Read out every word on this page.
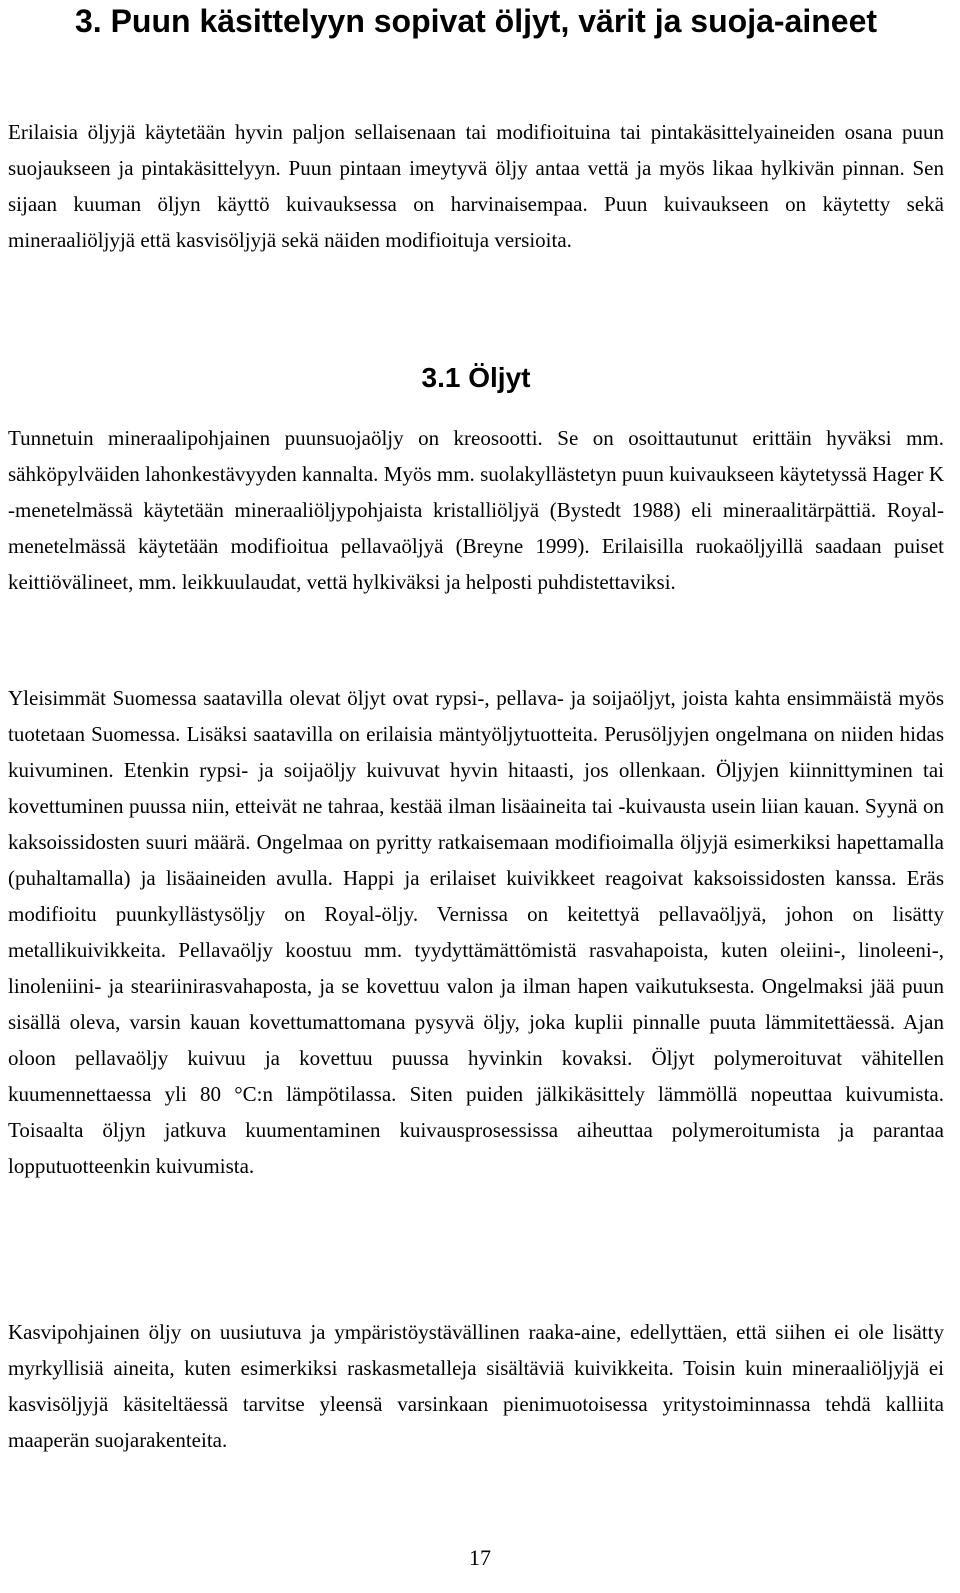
3. Puun käsittelyyn sopivat öljyt, värit ja suoja-aineet

Erilaisia öljyjä käytetään hyvin paljon sellaisenaan tai modifioituina tai pintakäsittelyaineiden osana puun suojaukseen ja pintakäsittelyyn. Puun pintaan imeytyvä öljy antaa vettä ja myös likaa hylkivän pinnan. Sen sijaan kuuman öljyn käyttö kuivauksessa on harvinaisempaa. Puun kuivaukseen on käytetty sekä mineraaliöljyjä että kasvisöljyjä sekä näiden modifioituja versioita.

3.1 Öljyt

Tunnetuin mineraalipohjainen puunsuojaöljy on kreosootti. Se on osoittautunut erittäin hyväksi mm. sähköpylväiden lahonkestävyyden kannalta. Myös mm. suolakyllästetyn puun kuivaukseen käytetyssä Hager K -menetelmässä käytetään mineraaliöljypohjaista kristalliöljyä (Bystedt 1988) eli mineraalitärpättiä. Royal-menetelmässä käytetään modifioitua pellavaöljyä (Breyne 1999). Erilaisilla ruokaöljyillä saadaan puiset keittiövälineet, mm. leikkuulaudat, vettä hylkiväksi ja helposti puhdistettaviksi.

Yleisimmät Suomessa saatavilla olevat öljyt ovat rypsi-, pellava- ja soijaöljyt, joista kahta ensimmäistä myös tuotetaan Suomessa. Lisäksi saatavilla on erilaisia mäntyöljytuotteita. Perusöljyjen ongelmana on niiden hidas kuivuminen. Etenkin rypsi- ja soijaöljy kuivuvat hyvin hitaasti, jos ollenkaan. Öljyjen kiinnittyminen tai kovettuminen puussa niin, etteivät ne tahraa, kestää ilman lisäaineita tai -kuivausta usein liian kauan. Syynä on kaksoissidosten suuri määrä. Ongelmaa on pyritty ratkaisemaan modifioimalla öljyjä esimerkiksi hapettamalla (puhaltamalla) ja lisäaineiden avulla. Happi ja erilaiset kuivikkeet reagoivat kaksoissidosten kanssa. Eräs modifioitu puunkyllästysöljy on Royal-öljy. Vernissa on keitettyä pellavaöljyä, johon on lisätty metallikuivikkeita. Pellavaöljy koostuu mm. tyydyttämättömistä rasvahapoista, kuten oleiini-, linoleeni-, linoleniini- ja steariinirasvahaposta, ja se kovettuu valon ja ilman hapen vaikutuksesta. Ongelmaksi jää puun sisällä oleva, varsin kauan kovettumattomana pysyvä öljy, joka kuplii pinnalle puuta lämmitettäessä. Ajan oloon pellavaöljy kuivuu ja kovettuu puussa hyvinkin kovaksi. Öljyt polymeroituvat vähitellen kuumennettaessa yli 80 °C:n lämpötilassa. Siten puiden jälkikäsittely lämmöllä nopeuttaa kuivumista. Toisaalta öljyn jatkuva kuumentaminen kuivausprosessissa aiheuttaa polymeroitumista ja parantaa lopputuotteenkin kuivumista.

Kasvipohjainen öljy on uusiutuva ja ympäristöystävällinen raaka-aine, edellyttäen, että siihen ei ole lisätty myrkyllisiä aineita, kuten esimerkiksi raskasmetalleja sisältäviä kuivikkeita. Toisin kuin mineraaliöljyjä ei kasvisöljyjä käsiteltäessä tarvitse yleensä varsinkaan pienimuotoisessa yritystoiminnassa tehdä kalliita maaperän suojarakenteita.

17
